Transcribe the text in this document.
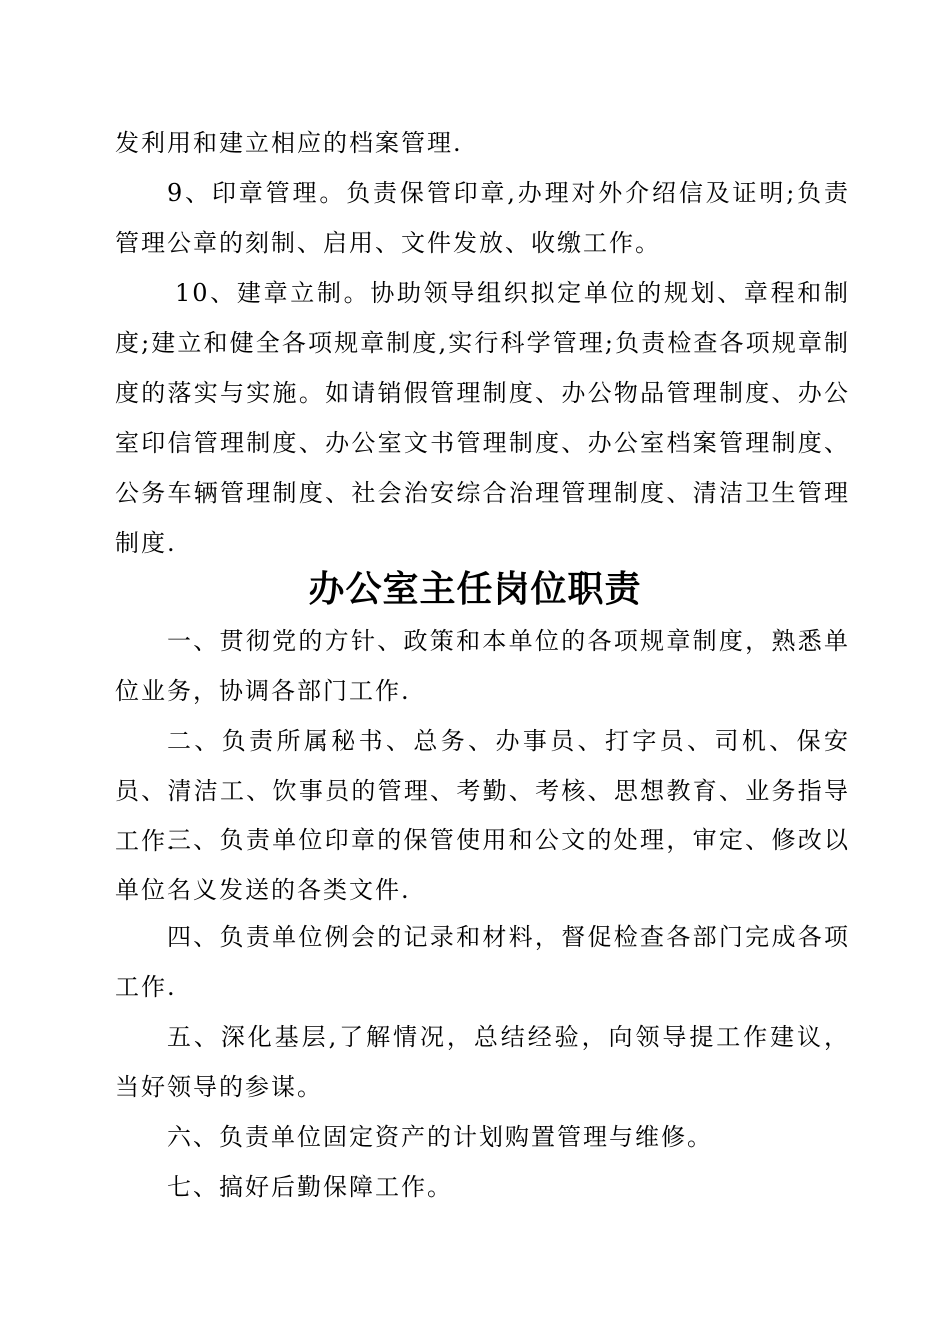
发利用和建立相应的档案管理.

9、印章管理。负责保管印章,办理对外介绍信及证明;负责管理公章的刻制、启用、文件发放、收缴工作。

10、建章立制。协助领导组织拟定单位的规划、章程和制度;建立和健全各项规章制度,实行科学管理;负责检查各项规章制度的落实与实施。如请销假管理制度、办公物品管理制度、办公室印信管理制度、办公室文书管理制度、办公室档案管理制度、公务车辆管理制度、社会治安综合治理管理制度、清洁卫生管理制度.

办公室主任岗位职责

一、贯彻党的方针、政策和本单位的各项规章制度，熟悉单位业务，协调各部门工作.

二、负责所属秘书、总务、办事员、打字员、司机、保安员、清洁工、饮事员的管理、考勤、考核、思想教育、业务指导工作.

三、负责单位印章的保管使用和公文的处理，审定、修改以单位名义发送的各类文件.

四、负责单位例会的记录和材料，督促检查各部门完成各项工作.

五、深化基层,了解情况，总结经验，向领导提工作建议，当好领导的参谋。

六、负责单位固定资产的计划购置管理与维修。

七、搞好后勤保障工作。
